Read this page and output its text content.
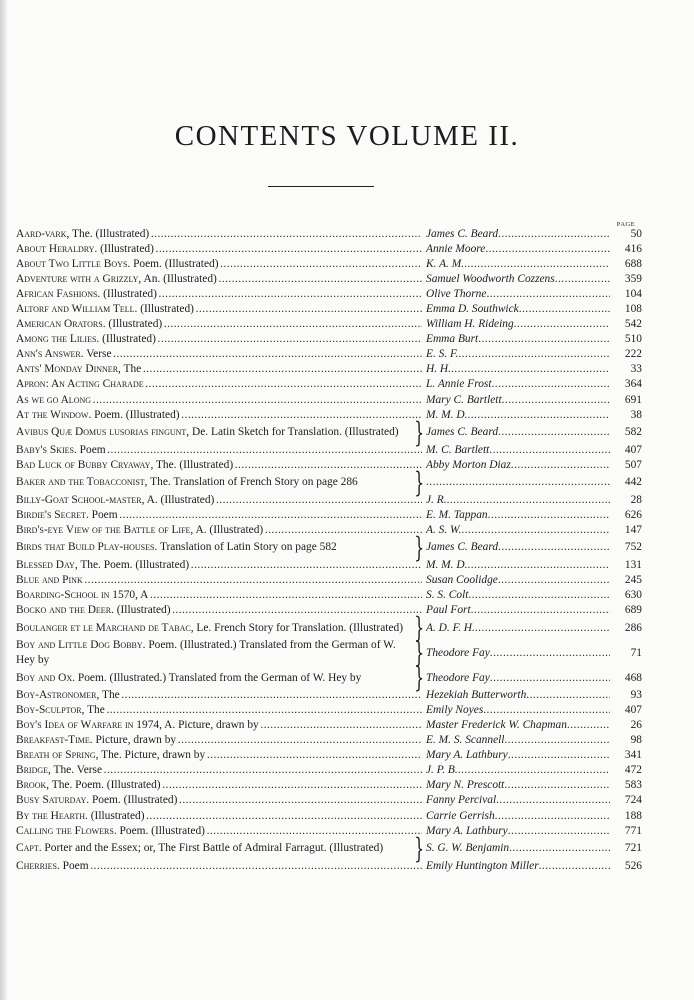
CONTENTS VOLUME II.
PAGE
Aard-vark, The. (Illustrated) . . .	James C. Beard . . .	50
About Heraldry. (Illustrated) . . .	Annie Moore . . .	416
About Two Little Boys. Poem. (Illustrated) . . .	K. A. M. . . .	688
Adventure with a Grizzly, An. (Illustrated) . . .	Samuel Woodworth Cozzens . . .	359
African Fashions. (Illustrated) . . .	Olive Thorne . . .	104
Altorf and William Tell. (Illustrated) . . .	Emma D. Southwick . . .	108
American Orators. (Illustrated) . . .	William H. Rideing . . .	542
Among the Lilies. (Illustrated) . . .	Emma Burt . . .	510
Ann's Answer. Verse . . .	E. S. F. . . .	222
Ants' Monday Dinner, The . . .	H. H. . . .	33
Apron: An Acting Charade . . .	L. Annie Frost . . .	364
As we go Along . . .	Mary C. Bartlett . . .	691
At the Window. Poem. (Illustrated) . . .	M. M. D. . . .	38
Avibus Quæ Domus lusorias fingunt, De. Latin Sketch for Translation. (Illustrated) } James C. Beard . . .	582
Baby's Skies. Poem . . .	M. C. Bartlett . . .	407
Bad Luck of Bubby Cryaway, The. (Illustrated) . . .	Abby Morton Diaz . . .	507
Baker and the Tobacconist, The. Translation of French Story on page 286	} . . .	442
Billy-Goat School-master, A. (Illustrated) . . .	J. R. . . .	28
Birdie's Secret. Poem . . .	E. M. Tappan . . .	626
Bird's-eye View of the Battle of Life, A. (Illustrated) . . .	A. S. W. . . .	147
Birds that Build Play-houses. Translation of Latin Story on page 582	} James C. Beard . . .	752
Blessed Day, The. Poem. (Illustrated) . . .	M. M. D. . . .	131
Blue and Pink . . .	Susan Coolidge . . .	245
Boarding-School in 1570, A . . .	S. S. Colt . . .	630
Bocko and the Deer. (Illustrated) . . .	Paul Fort . . .	689
Boulanger et le Marchand de Tabac, Le. French Story for Translation. (Illustrated) } A. D. F. H. . . .	286
Boy and Little Dog Bobby. Poem. (Illustrated.) Translated from the German of W. Hey by	} Theodore Fay . . .	71
Boy and Ox. Poem. (Illustrated.) Translated from the German of W. Hey by	} Theodore Fay . . .	468
Boy-Astronomer, The . . .	Hezekiah Butterworth . . .	93
Boy-Sculptor, The . . .	Emily Noyes . . .	407
Boy's Idea of Warfare in 1974, A. Picture, drawn by . . .	Master Frederick W. Chapman . . .	26
Breakfast-Time. Picture, drawn by . . .	E. M. S. Scannell . . .	98
Breath of Spring, The. Picture, drawn by . . .	Mary A. Lathbury . . .	341
Bridge, The. Verse . . .	J. P. B. . . .	472
Brook, The. Poem. (Illustrated) . . .	Mary N. Prescott . . .	583
Busy Saturday. Poem. (Illustrated) . . .	Fanny Percival . . .	724
By the Hearth. (Illustrated) . . .	Carrie Gerrish . . .	188
Calling the Flowers. Poem. (Illustrated) . . .	Mary A. Lathbury . . .	771
Capt. Porter and the Essex; or, The First Battle of Admiral Farragut. (Illustrated)	} S. G. W. Benjamin . . .	721
Cherries. Poem . . .	Emily Huntington Miller . . .	526
